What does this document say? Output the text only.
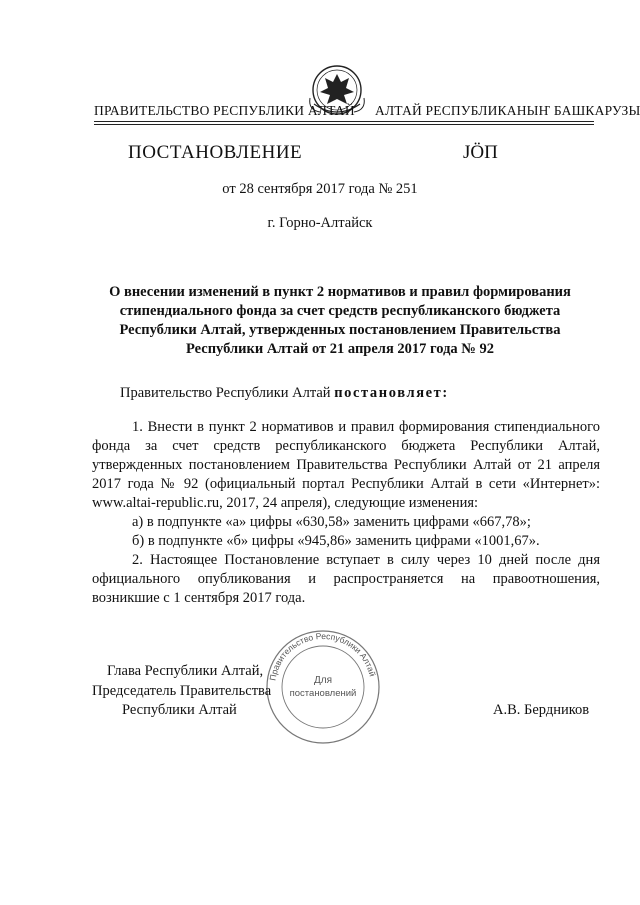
ПРАВИТЕЛЬСТВО РЕСПУБЛИКИ АЛТАЙ АЛТАЙ РЕСПУБЛИКАНЫҤ БАШКАРУЗЫ
ПОСТАНОВЛЕНИЕ	JÖП
от 28 сентября 2017 года № 251
г. Горно-Алтайск
О внесении изменений в пункт 2 нормативов и правил формирования
стипендиального фонда за счет средств республиканского бюджета
Республики Алтай, утвержденных постановлением Правительства
Республики Алтай от 21 апреля 2017 года № 92
Правительство Республики Алтай постановляет:

1. Внести в пункт 2 нормативов и правил формирования стипендиального фонда за счет средств республиканского бюджета Республики Алтай, утвержденных постановлением Правительства Республики Алтай от 21 апреля 2017 года № 92 (официальный портал Республики Алтай в сети «Интернет»: www.altai-republic.ru, 2017, 24 апреля), следующие изменения:

а) в подпункте «а» цифры «630,58» заменить цифрами «667,78»;

б) в подпункте «б» цифры «945,86» заменить цифрами «1001,67».

2. Настоящее Постановление вступает в силу через 10 дней после дня официального опубликования и распространяется на правоотношения, возникшие с 1 сентября 2017 года.

Правительство Республики Алтай
Для
постановлений
Глава Республики Алтай,
Председатель Правительства
Республики Алтай	А.В. Бердников
